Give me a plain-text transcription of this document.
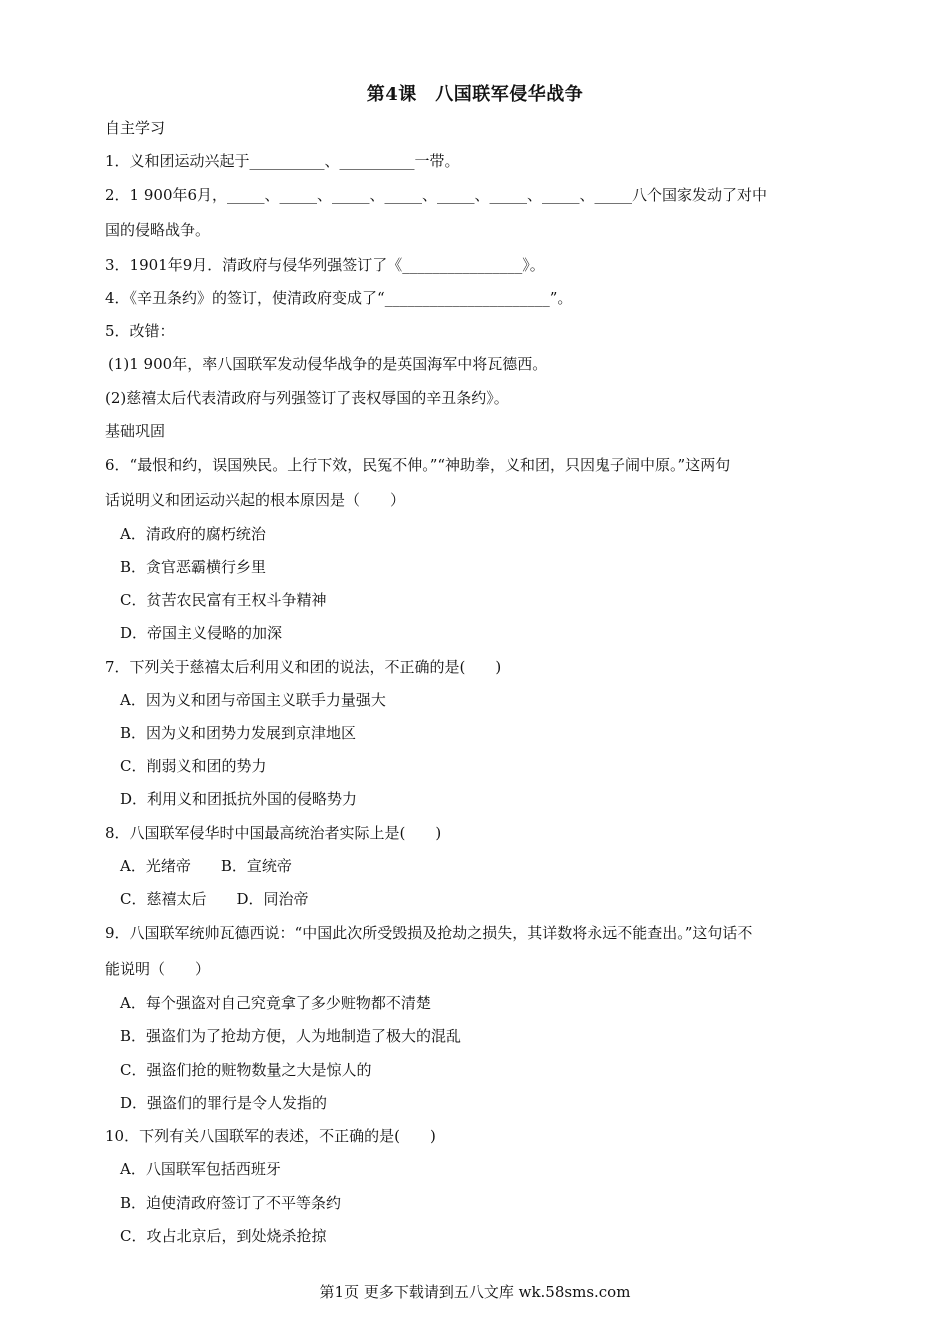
第4课　八国联军侵华战争
自主学习
1．义和团运动兴起于__________、__________一带。
2．1 900年6月，_____、_____、_____、_____、_____、_____、_____、_____八个国家发动了对中
国的侵略战争。
3．1901年9月．清政府与侵华列强签订了《________________》。
4．《辛丑条约》的签订，使清政府变成了“______________________”。
5．改错：
(1)1 900年，率八国联军发动侵华战争的是英国海军中将瓦德西。
(2)慈禧太后代表清政府与列强签订了丧权辱国的辛丑条约》。
基础巩固
6．“最恨和约，误国殃民。上行下效，民冤不伸。”“神助拳，义和团，只因鬼子闹中原。”这两句
话说明义和团运动兴起的根本原因是（　　）
A．清政府的腐朽统治
B．贪官恶霸横行乡里
C．贫苦农民富有王权斗争精神
D．帝国主义侵略的加深
7．下列关于慈禧太后利用义和团的说法，不正确的是(　　)
A．因为义和团与帝国主义联手力量强大
B．因为义和团势力发展到京津地区
C．削弱义和团的势力
D．利用义和团抵抗外国的侵略势力
8．八国联军侵华时中国最高统治者实际上是(　　)
A．光绪帝　　B．宣统帝
C．慈禧太后　　D．同治帝
9．八国联军统帅瓦德西说：“中国此次所受毁损及抢劫之损失，其详数将永远不能查出。”这句话不
能说明（　　）
A．每个强盗对自己究竟拿了多少赃物都不清楚
B．强盗们为了抢劫方便，人为地制造了极大的混乱
C．强盗们抢的赃物数量之大是惊人的
D．强盗们的罪行是令人发指的
10．下列有关八国联军的表述，不正确的是(　　)
A．八国联军包括西班牙
B．迫使清政府签订了不平等条约
C．攻占北京后，到处烧杀抢掠
第1页 更多下载请到五八文库 wk.58sms.com
